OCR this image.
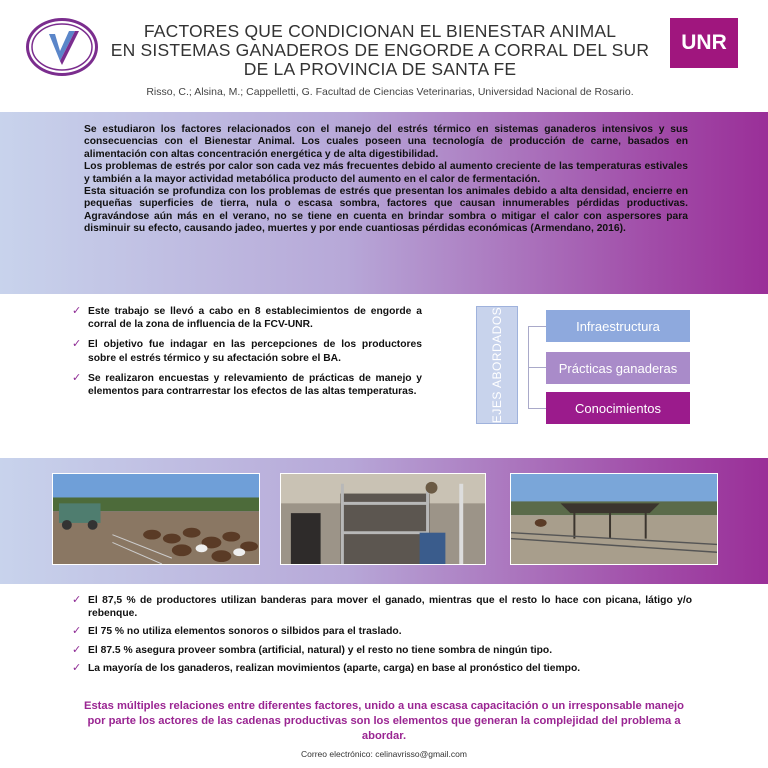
FACTORES QUE CONDICIONAN EL BIENESTAR ANIMAL
EN SISTEMAS GANADEROS DE ENGORDE A CORRAL DEL SUR
DE LA PROVINCIA DE SANTA FE
UNR
Risso, C.; Alsina, M.; Cappelletti, G. Facultad de Ciencias Veterinarias, Universidad Nacional de Rosario.

Se estudiaron los factores relacionados con el manejo del estrés térmico en sistemas ganaderos intensivos y sus consecuencias con el Bienestar Animal. Los cuales poseen una tecnología de producción de carne, basados en alimentación con altas concentración energética y de alta digestibilidad.

Los problemas de estrés por calor son cada vez más frecuentes debido al aumento creciente de las temperaturas estivales y también a la mayor actividad metabólica producto del aumento en el calor de fermentación.

Esta situación se profundiza con los problemas de estrés que presentan los animales debido a alta densidad, encierre en pequeñas superficies de tierra, nula o escasa sombra, factores que causan innumerables pérdidas productivas. Agravándose aún más en el verano, no se tiene en cuenta en brindar sombra o mitigar el calor con aspersores para disminuir su efecto, causando jadeo, muertes y por ende cuantiosas pérdidas económicas (Armendano, 2016).

✓ Este trabajo se llevó a cabo en 8 establecimientos de engorde a corral de la zona de influencia de la FCV-UNR.
✓ El objetivo fue indagar en las percepciones de los productores sobre el estrés térmico y su afectación sobre el BA.
✓ Se realizaron encuestas y relevamiento de prácticas de manejo y elementos para contrarrestar los efectos de las altas temperaturas.	EJES ABORDADOS	Infraestructura
Prácticas ganaderas
Conocimientos
✓ El 87,5 % de productores utilizan banderas para mover el ganado, mientras que el resto lo hace con picana, látigo y/o rebenque.
✓ El 75 % no utiliza elementos sonoros o silbidos para el traslado.
✓ El 87.5 % asegura proveer sombra (artificial, natural) y el resto no tiene sombra de ningún tipo.
✓ La mayoría de los ganaderos, realizan movimientos (aparte, carga) en base al pronóstico del tiempo.
Estas múltiples relaciones entre diferentes factores, unido a una escasa capacitación o un irresponsable manejo por parte los actores de las cadenas productivas son los elementos que generan la complejidad del problema a abordar.
Correo electrónico: celinavrisso@gmail.com
